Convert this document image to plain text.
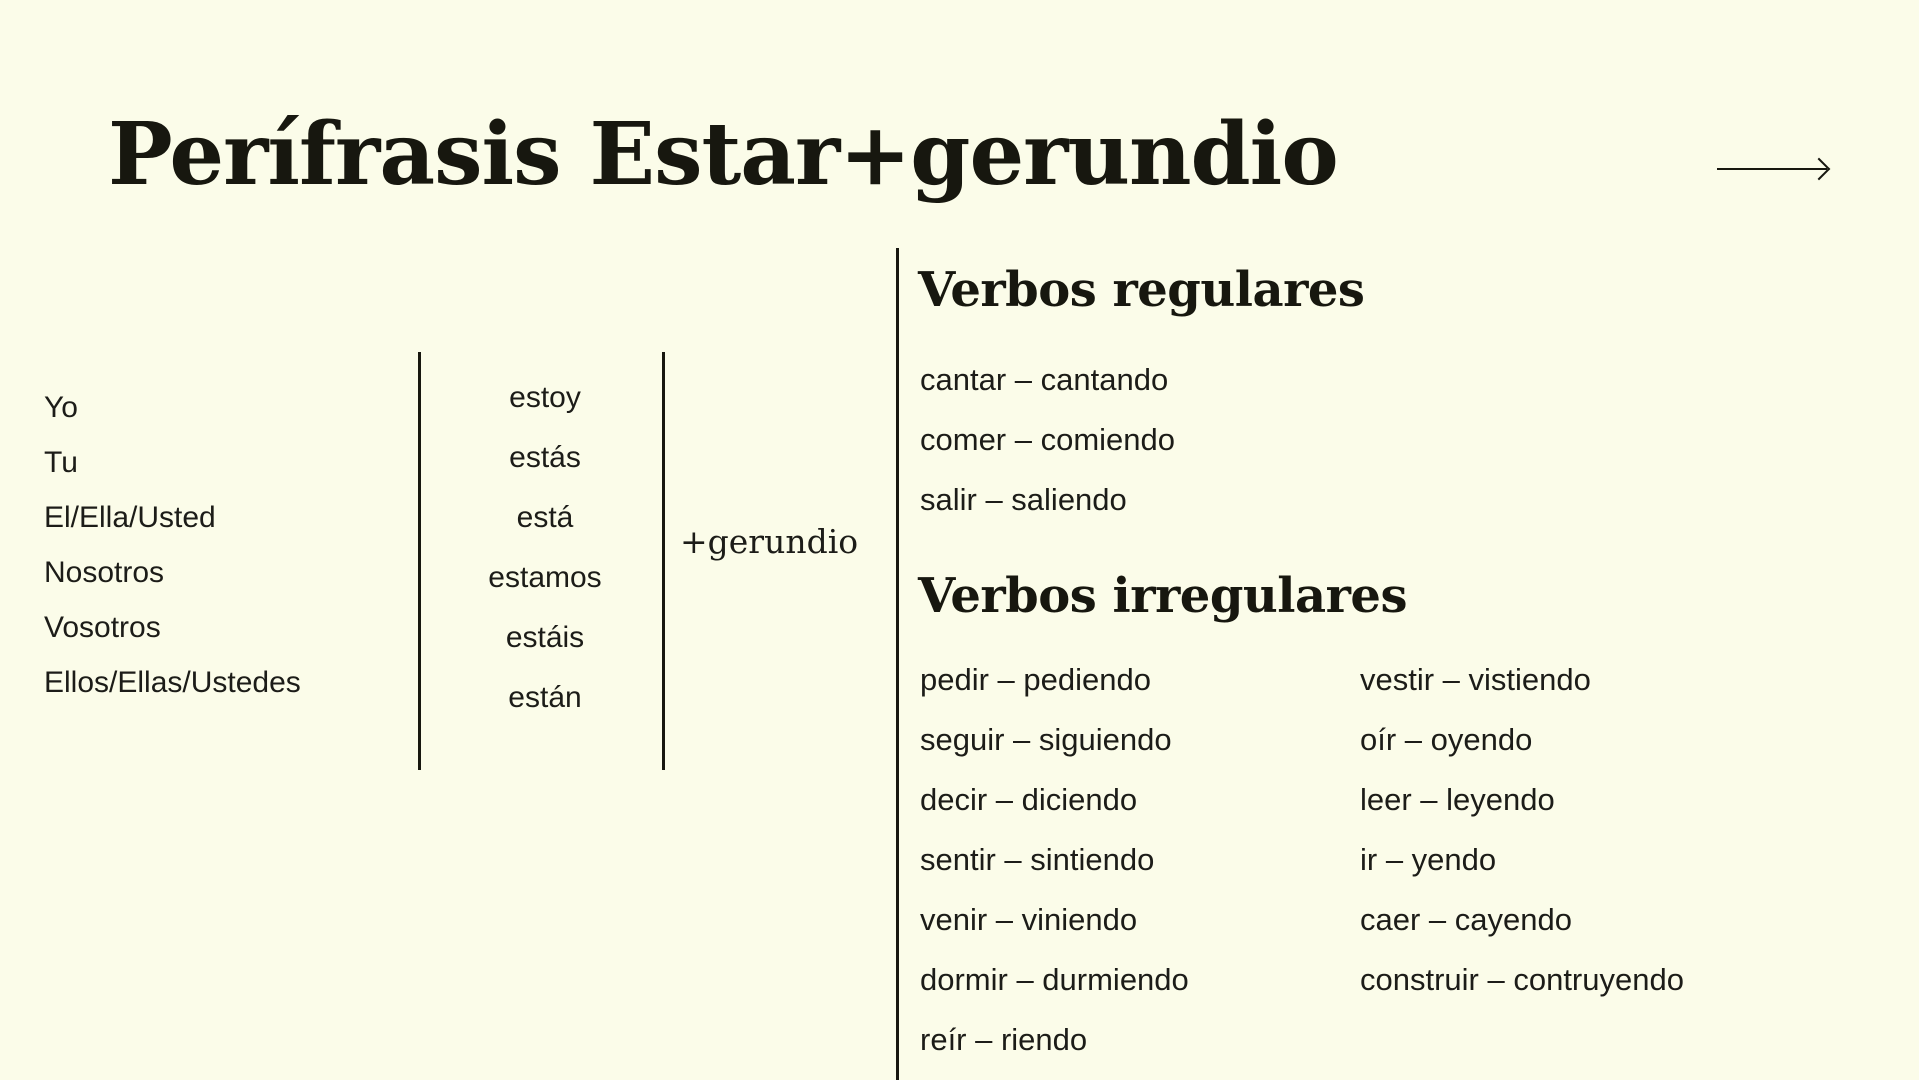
Perífrasis Estar+gerundio
Yo
Tu
El/Ella/Usted
Nosotros
Vosotros
Ellos/Ellas/Ustedes
estoy
estás
está
estamos
estáis
están
+gerundio
Verbos regulares
cantar – cantando
comer – comiendo
salir – saliendo
Verbos irregulares
pedir – pediendo
seguir – siguiendo
decir – diciendo
sentir – sintiendo
venir – viniendo
dormir – durmiendo
reír – riendo
vestir – vistiendo
oír – oyendo
leer – leyendo
ir – yendo
caer – cayendo
construir – contruyendo
